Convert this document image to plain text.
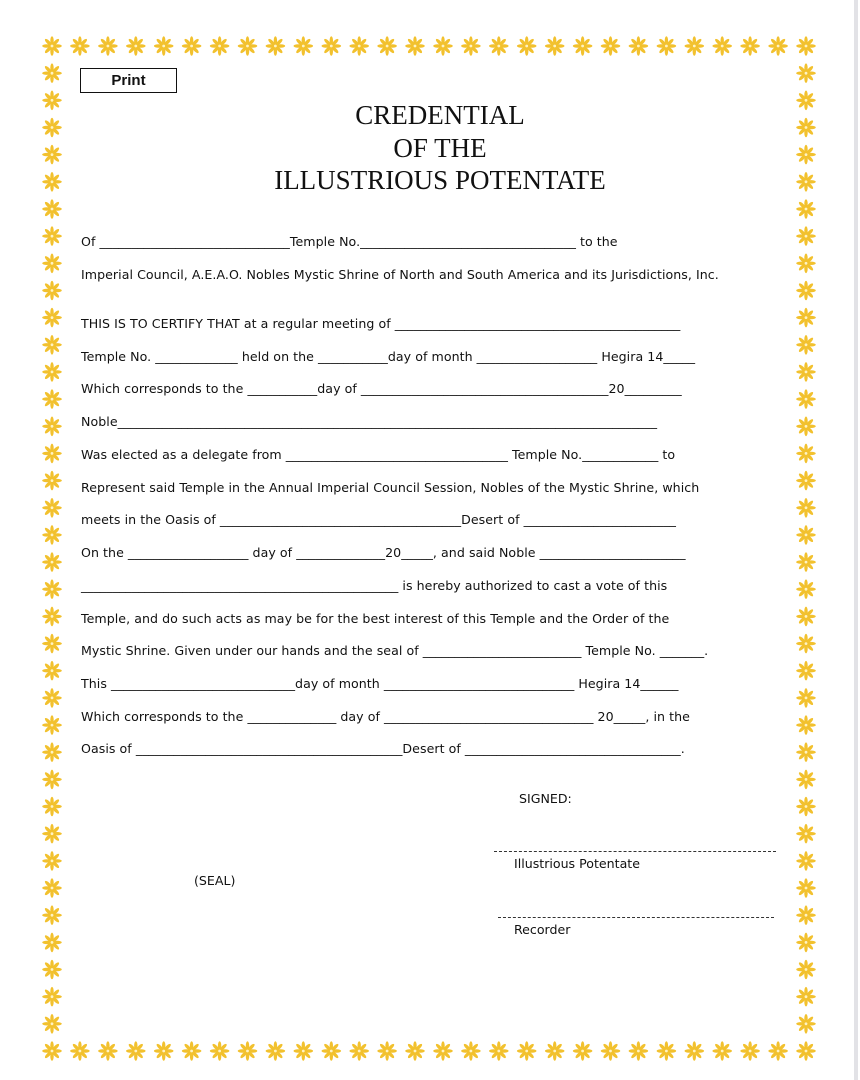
Print
CREDENTIAL
OF THE
ILLUSTRIOUS POTENTATE
Of ______________________________Temple No.__________________________________ to the
Imperial Council, A.E.A.O. Nobles Mystic Shrine of North and South America and its Jurisdictions, Inc.
THIS IS TO CERTIFY THAT at a regular meeting of _____________________________________________
Temple No. _____________ held on the ___________day of month ___________________ Hegira 14_____
Which corresponds to the ___________day of _______________________________________20_________
Noble_____________________________________________________________________________________
Was elected as a delegate from ___________________________________ Temple No.____________ to
Represent said Temple in the Annual Imperial Council Session, Nobles of the Mystic Shrine, which
meets in the Oasis of ______________________________________Desert of ________________________
On the ___________________ day of ______________20_____, and said Noble _______________________
__________________________________________________ is hereby authorized to cast a vote of this
Temple, and do such acts as may be for the best interest of this Temple and the Order of the
Mystic Shrine. Given under our hands and the seal of _________________________ Temple No. _______.
This _____________________________day of month ______________________________ Hegira 14______
Which corresponds to the ______________ day of _________________________________ 20_____, in the
Oasis of __________________________________________Desert of __________________________________.
SIGNED:
Illustrious Potentate
(SEAL)
Recorder
